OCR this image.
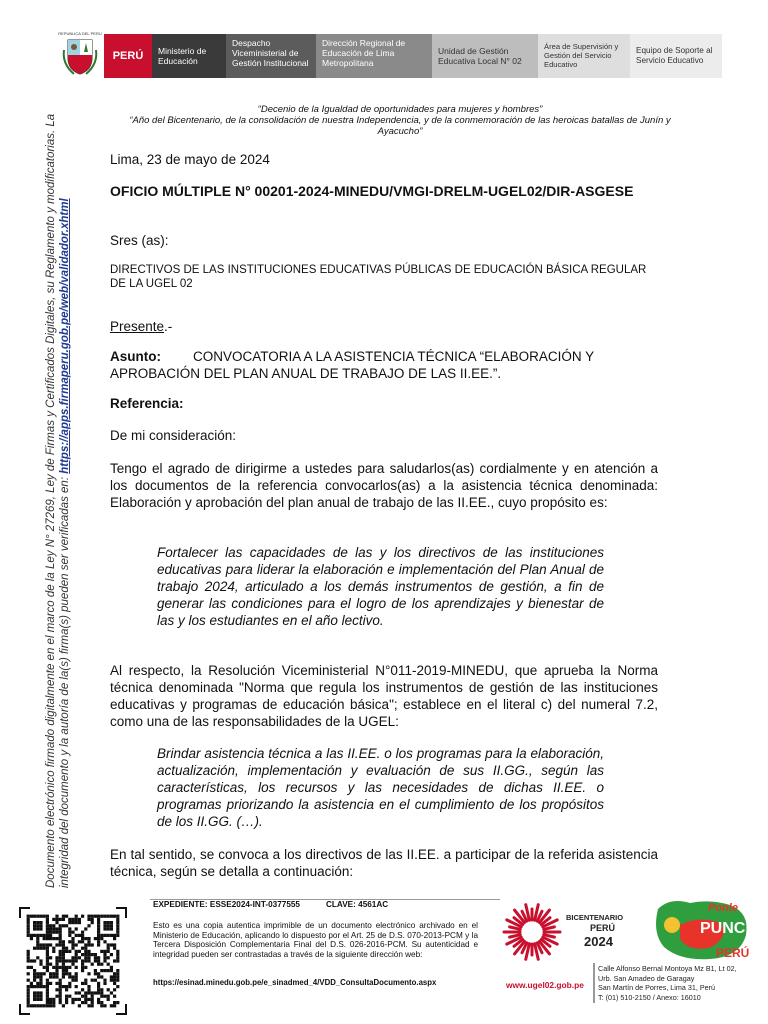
REPUBLICA DEL PERU
PERÚ Ministerio de Educación
Despacho Viceministerial de Gestión Institucional
Dirección Regional de Educación de Lima Metropolitana
Unidad de Gestión Educativa Local N° 02
Área de Supervisión y Gestión del Servicio Educativo
Equipo de Soporte al Servicio Educativo
“Decenio de la Igualdad de oportunidades para mujeres y hombres”
“Año del Bicentenario, de la consolidación de nuestra Independencia, y de la conmemoración de las heroicas batallas de Junín y Ayacucho”
Lima, 23 de mayo de 2024
OFICIO MÚLTIPLE N° 00201-2024-MINEDU/VMGI-DRELM-UGEL02/DIR-ASGESE
Sres (as):
DIRECTIVOS DE LAS INSTITUCIONES EDUCATIVAS PÚBLICAS DE EDUCACIÓN BÁSICA REGULAR DE LA UGEL 02
Presente.-
Asunto: CONVOCATORIA A LA ASISTENCIA TÉCNICA “ELABORACIÓN Y APROBACIÓN DEL PLAN ANUAL DE TRABAJO DE LAS II.EE.”.
Referencia:
De mi consideración:
Tengo el agrado de dirigirme a ustedes para saludarlos(as) cordialmente y en atención a los documentos de la referencia convocarlos(as) a la asistencia técnica denominada: Elaboración y aprobación del plan anual de trabajo de las II.EE., cuyo propósito es:
Fortalecer las capacidades de las y los directivos de las instituciones educativas para liderar la elaboración e implementación del Plan Anual de trabajo 2024, articulado a los demás instrumentos de gestión, a fin de generar las condiciones para el logro de los aprendizajes y bienestar de las y los estudiantes en el año lectivo.
Al respecto, la Resolución Viceministerial N°011-2019-MINEDU, que aprueba la Norma técnica denominada "Norma que regula los instrumentos de gestión de las instituciones educativas y programas de educación básica"; establece en el literal c) del numeral 7.2, como una de las responsabilidades de la UGEL:
Brindar asistencia técnica a las II.EE. o los programas para la elaboración, actualización, implementación y evaluación de sus II.GG., según las características, los recursos y las necesidades de dichas II.EE. o programas priorizando la asistencia en el cumplimiento de los propósitos de los II.GG. (…).
En tal sentido, se convoca a los directivos de las II.EE. a participar de la referida asistencia técnica, según se detalla a continuación:
Documento electrónico firmado digitalmente en el marco de la Ley N° 27269, Ley de Firmas y Certificados Digitales, su Reglamento y modificatorias. La integridad del documento y la autoría de la(s) firma(s) pueden ser verificadas en: https://apps.firmaperu.gob.pe/web/validador.xhtml
EXPEDIENTE: ESSE2024-INT-0377555	CLAVE: 4561AC
Esto es una copia autentica imprimible de un documento electrónico archivado en el Ministerio de Educación, aplicando lo dispuesto por el Art. 25 de D.S. 070-2013-PCM y la Tercera Disposición Complementaria Final del D.S. 026-2016-PCM. Su autenticidad e integridad pueden ser contrastadas a través de la siguiente dirección web:
https://esinad.minedu.gob.pe/e_sinadmed_4/VDD_ConsultaDocumento.aspx
BICENTENARIO
PERÚ
2024
www.ugel02.gob.pe
Ponle
PUNCHE
PERÚ
Calle Alfonso Bernal Montoya Mz B1, Lt 02,
Urb. San Amadeo de Garagay
San Martín de Porres, Lima 31, Perú
T: (01) 510-2150 / Anexo: 16010
